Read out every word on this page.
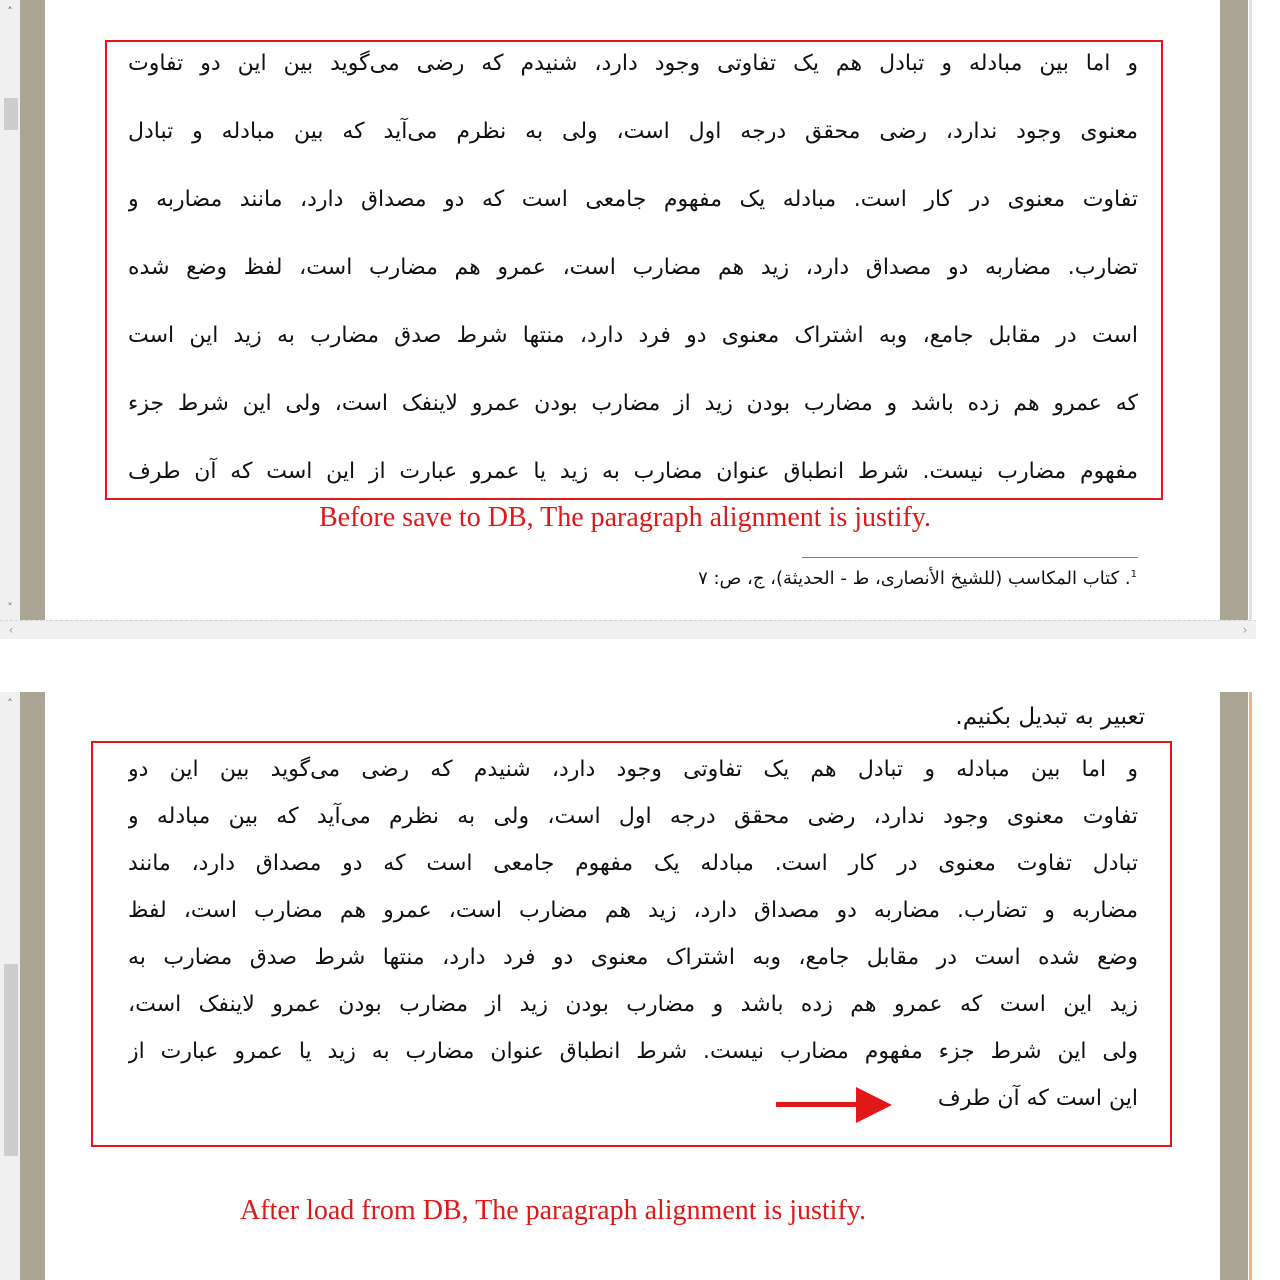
˄
˅
‹	›
˄
و اما بین مبادله و تبادل هم یک تفاوتی وجود دارد، شنیدم که رضی می‌گوید بین این دو تفاوت
معنوی وجود ندارد، رضی محقق درجه اول است، ولی به نظرم می‌آید که بین مبادله و تبادل
تفاوت معنوی در کار است. مبادله یک مفهوم جامعی است که دو مصداق دارد، مانند مضاربه و
تضارب. مضاربه دو مصداق دارد، زید هم مضارب است، عمرو هم مضارب است، لفظ وضع شده
است در مقابل جامع، وبه اشتراک معنوی دو فرد دارد، منتها شرط صدق مضارب به زید این است
که عمرو هم زده باشد و مضارب بودن زید از مضارب بودن عمرو لاینفک است، ولی این شرط جزء
مفهوم مضارب نیست. شرط انطباق عنوان مضارب به زید یا عمرو عبارت از این است که آن طرف
Before save to DB, The paragraph alignment is justify.
$^1$. کتاب المکاسب (للشیخ الأنصاری، ط - الحدیثة)، ج، ص: ۷
تعبیر به تبدیل بکنیم.
و اما بین مبادله و تبادل هم یک تفاوتی وجود دارد، شنیدم که رضی می‌گوید بین این دو
تفاوت معنوی وجود ندارد، رضی محقق درجه اول است، ولی به نظرم می‌آید که بین مبادله و
تبادل تفاوت معنوی در کار است. مبادله یک مفهوم جامعی است که دو مصداق دارد، مانند
مضاربه و تضارب. مضاربه دو مصداق دارد، زید هم مضارب است، عمرو هم مضارب است، لفظ
وضع شده است در مقابل جامع، وبه اشتراک معنوی دو فرد دارد، منتها شرط صدق مضارب به
زید این است که عمرو هم زده باشد و مضارب بودن زید از مضارب بودن عمرو لاینفک است،
ولی این شرط جزء مفهوم مضارب نیست. شرط انطباق عنوان مضارب به زید یا عمرو عبارت از
این است که آن طرف
After load from DB, The paragraph alignment is justify.
